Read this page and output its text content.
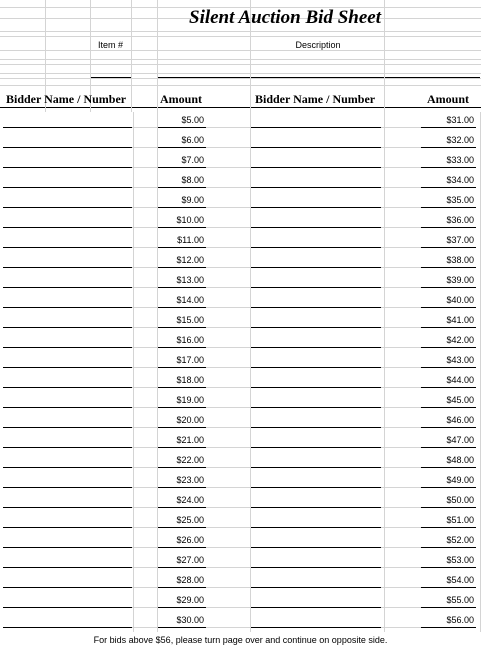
Silent Auction Bid Sheet
Item #	Description
Bidder Name / Number	Amount	Bidder Name / Number	Amount
For bids above $56, please turn page over and continue on opposite side.
$5.00	$31.00
$6.00	$32.00
$7.00	$33.00
$8.00	$34.00
$9.00	$35.00
$10.00	$36.00
$11.00	$37.00
$12.00	$38.00
$13.00	$39.00
$14.00	$40.00
$15.00	$41.00
$16.00	$42.00
$17.00	$43.00
$18.00	$44.00
$19.00	$45.00
$20.00	$46.00
$21.00	$47.00
$22.00	$48.00
$23.00	$49.00
$24.00	$50.00
$25.00	$51.00
$26.00	$52.00
$27.00	$53.00
$28.00	$54.00
$29.00	$55.00
$30.00	$56.00
